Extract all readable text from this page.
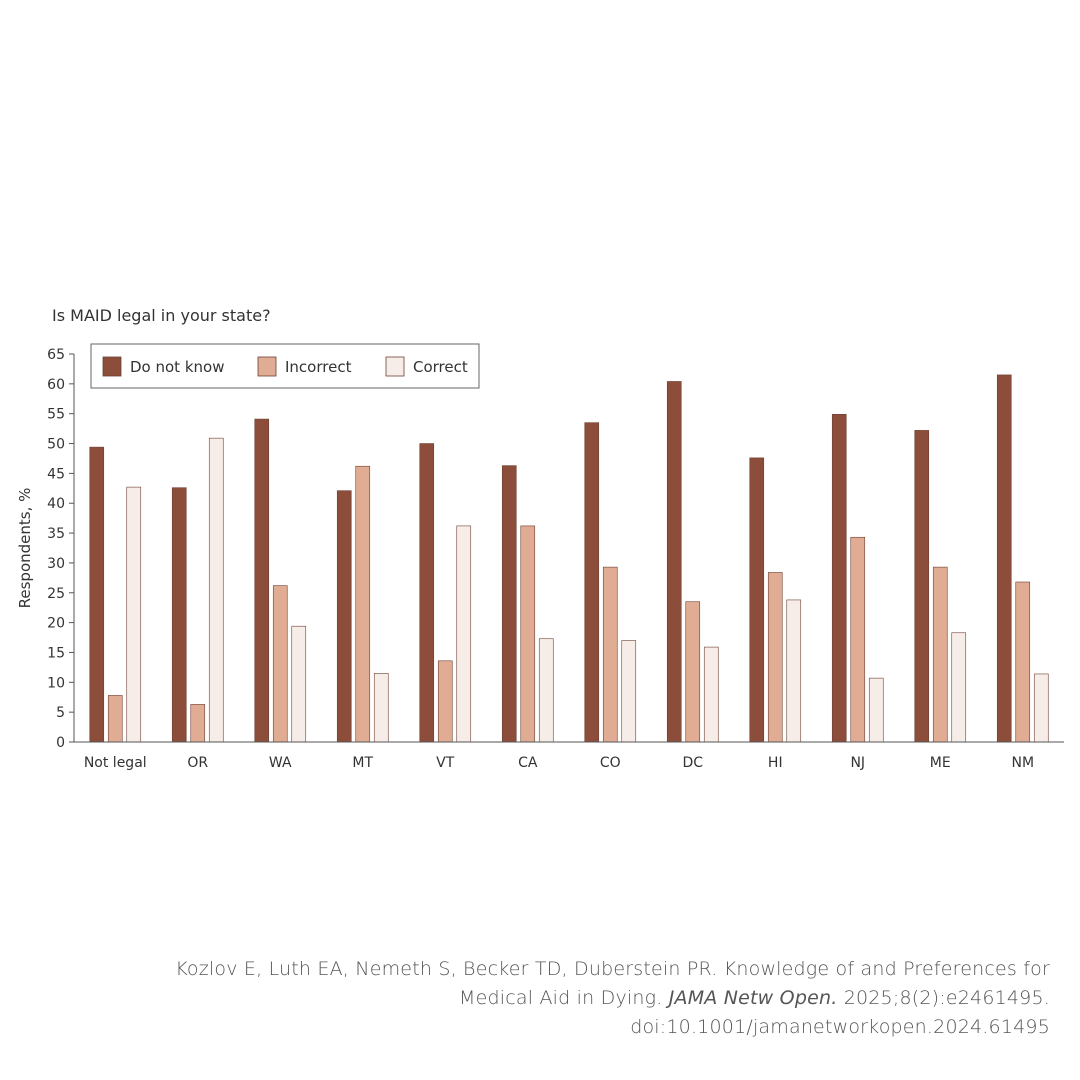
Is MAID legal in your state?
Respondents, %
0
5
10
15
20
25
30
35
40
45
50
55
60
65
Not legal	OR	WA	MT	VT	CA	CO	DC	HI	NJ	ME	NM
Do not know	Incorrect	Correct

Kozlov E, Luth EA, Nemeth S, Becker TD, Duberstein PR. Knowledge of and Preferences for

Medical Aid in Dying. JAMA Netw Open. 2025;8(2):e2461495.

doi:10.1001/jamanetworkopen.2024.61495
